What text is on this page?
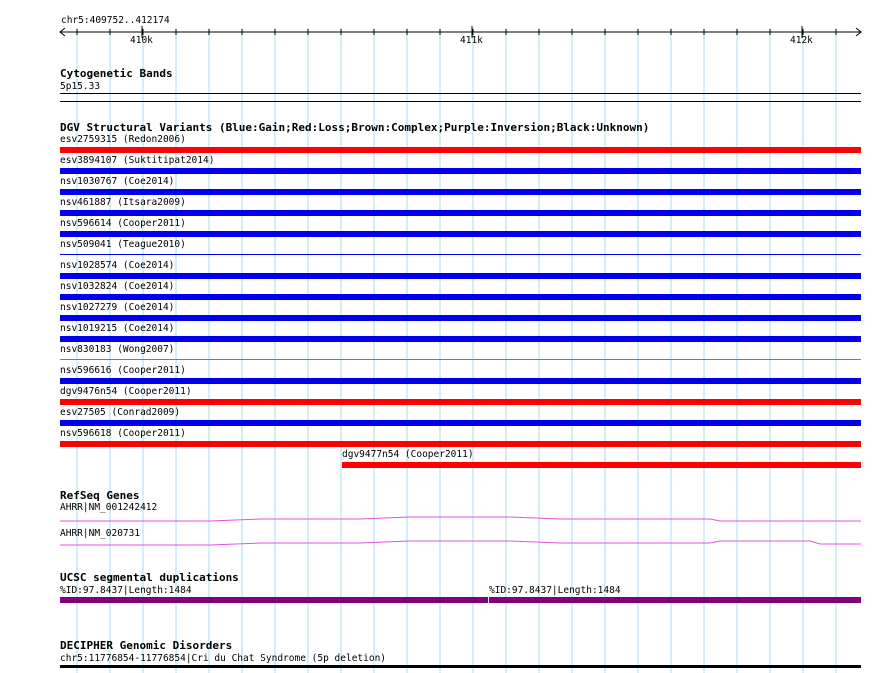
chr5:409752..412174
410k	411k	412k
Cytogenetic Bands
5p15.33
DGV Structural Variants (Blue:Gain;Red:Loss;Brown:Complex;Purple:Inversion;Black:Unknown)
esv2759315 (Redon2006)
esv3894107 (Suktitipat2014)
nsv1030767 (Coe2014)
nsv461887 (Itsara2009)
nsv596614 (Cooper2011)
nsv509041 (Teague2010)
nsv1028574 (Coe2014)
nsv1032824 (Coe2014)
nsv1027279 (Coe2014)
nsv1019215 (Coe2014)
nsv830183 (Wong2007)
nsv596616 (Cooper2011)
dgv9476n54 (Cooper2011)
esv27505 (Conrad2009)
nsv596618 (Cooper2011)
dgv9477n54 (Cooper2011)
RefSeq Genes
AHRR|NM_001242412
AHRR|NM_020731
UCSC segmental duplications
%ID:97.8437|Length:1484	%ID:97.8437|Length:1484
DECIPHER Genomic Disorders
chr5:11776854-11776854|Cri du Chat Syndrome (5p deletion)
